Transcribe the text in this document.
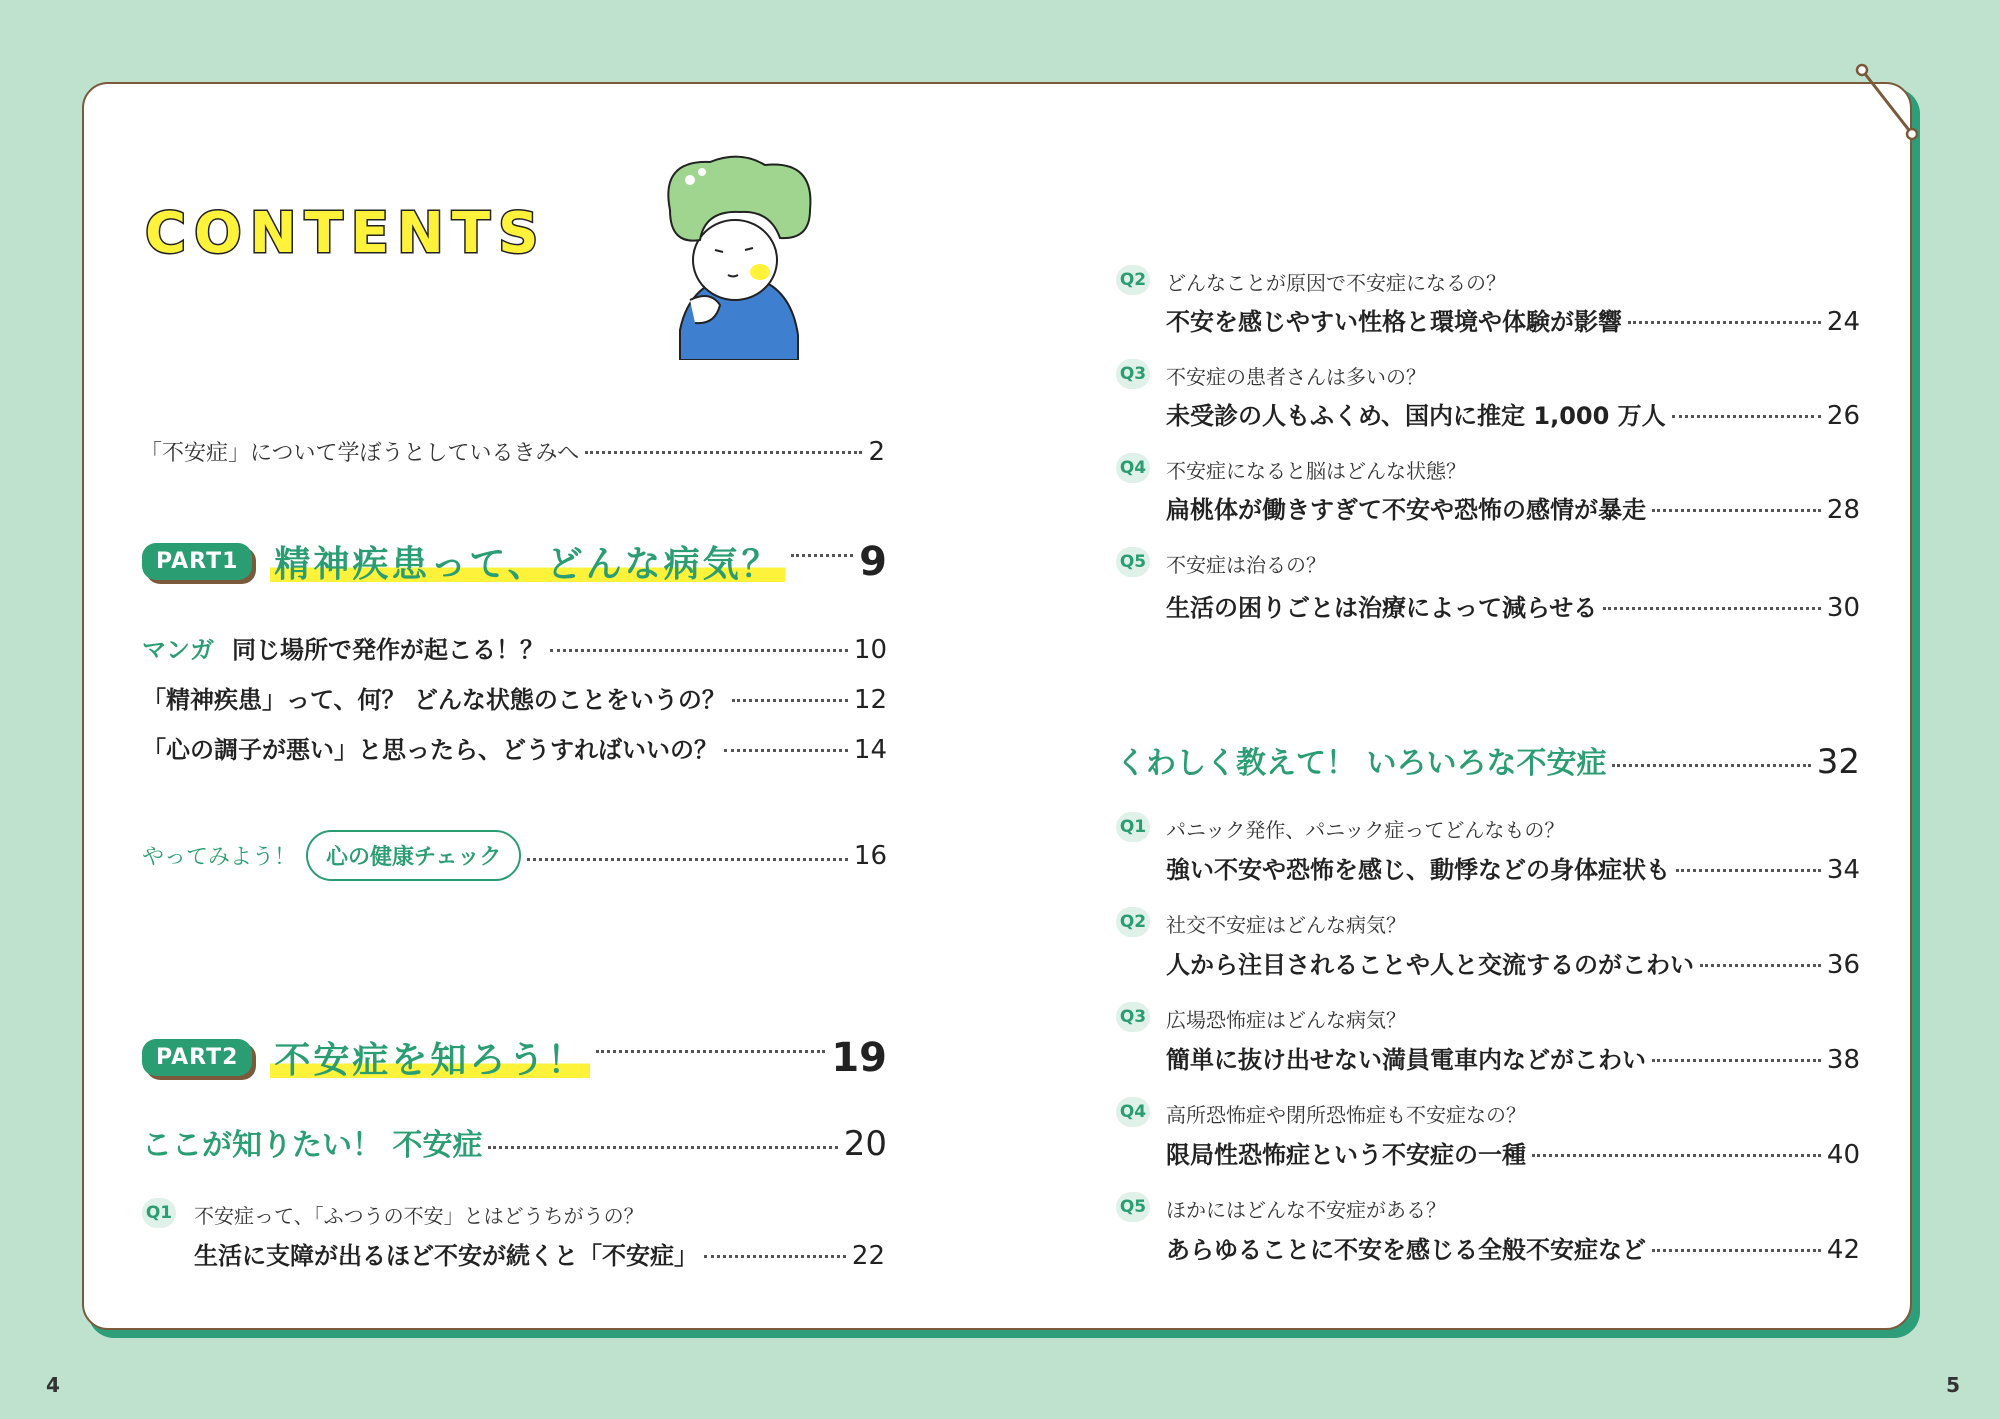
CONTENTS
「不安症」について学ぼうとしているきみへ	2
PART1	精神疾患って、どんな病気？ 9
マンガ 同じ場所で発作が起こる！？	10
「精神疾患」って、何？ どんな状態のことをいうの？	12
「心の調子が悪い」と思ったら、どうすればいいの？	14
やってみよう！	心の健康チェック	16
PART2	不安症を知ろう！	19
ここが知りたい！ 不安症	20
Q1 不安症って、「ふつうの不安」とはどうちがうの？
生活に支障が出るほど不安が続くと「不安症」	22
Q2 どんなことが原因で不安症になるの？
不安を感じやすい性格と環境や体験が影響	24
Q3 不安症の患者さんは多いの？
未受診の人もふくめ、国内に推定 1,000 万人	26
Q4 不安症になると脳はどんな状態？
扁桃体が働きすぎて不安や恐怖の感情が暴走	28
Q5 不安症は治るの？
生活の困りごとは治療によって減らせる	30
くわしく教えて！ いろいろな不安症	32
Q1 パニック発作、パニック症ってどんなもの？
強い不安や恐怖を感じ、動悸などの身体症状も	34
Q2 社交不安症はどんな病気？
人から注目されることや人と交流するのがこわい	36
Q3 広場恐怖症はどんな病気？
簡単に抜け出せない満員電車内などがこわい	38
Q4 高所恐怖症や閉所恐怖症も不安症なの？
限局性恐怖症という不安症の一種	40
Q5 ほかにはどんな不安症がある？
あらゆることに不安を感じる全般不安症など	42
4	5
